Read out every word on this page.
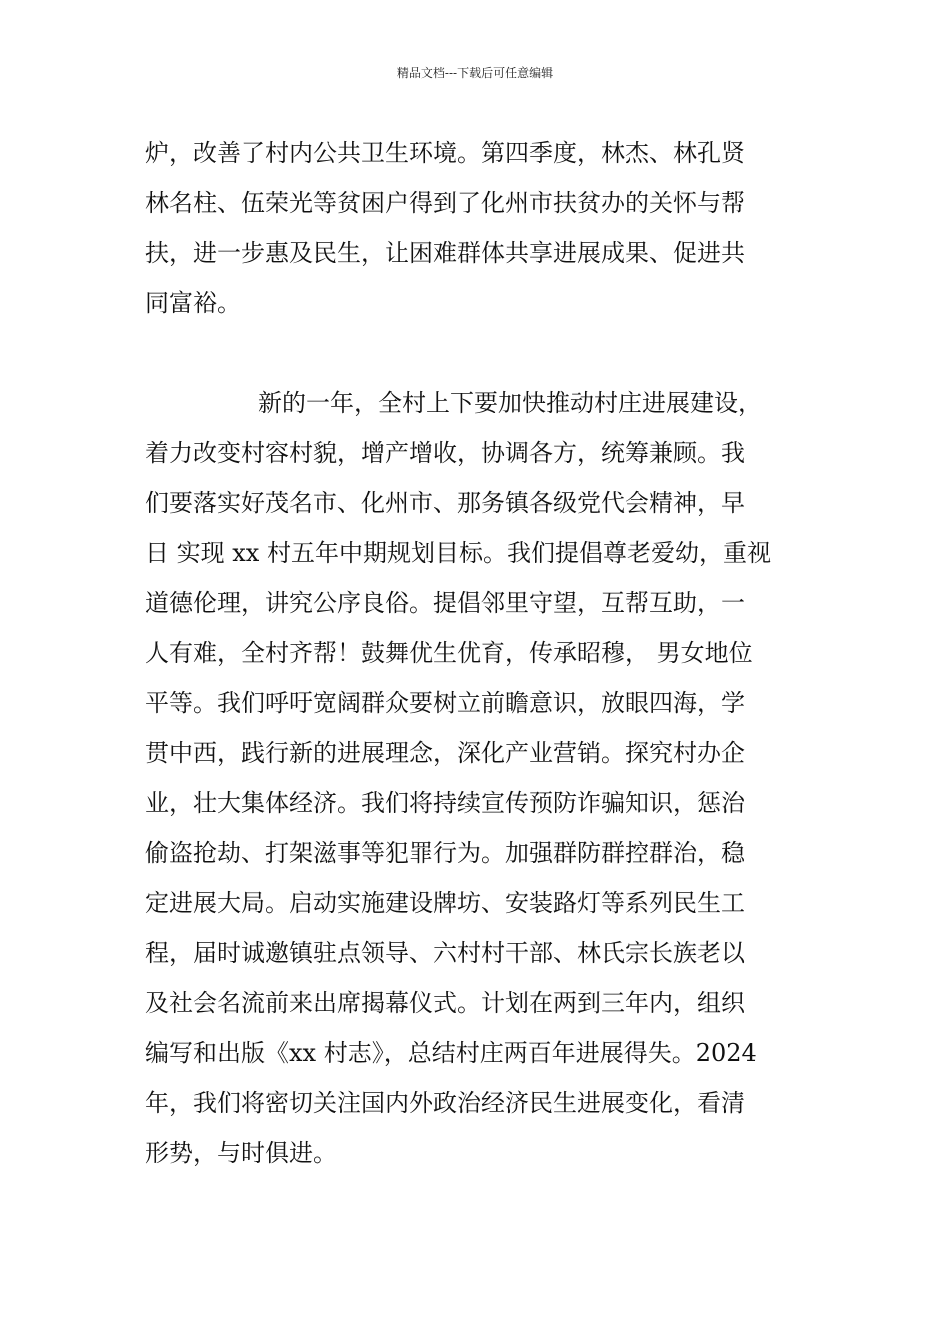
精品文档---下载后可任意编辑
炉，改善了村内公共卫生环境。第四季度，林杰、林孔贤
林名柱、伍荣光等贫困户得到了化州市扶贫办的关怀与帮
扶，进一步惠及民生，让困难群体共享进展成果、促进共
同富裕。
新的一年，全村上下要加快推动村庄进展建设，
着力改变村容村貌，增产增收，协调各方，统筹兼顾。我
们要落实好茂名市、化州市、那务镇各级党代会精神，早
日 实现 xx 村五年中期规划目标。我们提倡尊老爱幼，重视
道德伦理，讲究公序良俗。提倡邻里守望，互帮互助，一
人有难，全村齐帮！鼓舞优生优育，传承昭穆， 男女地位
平等。我们呼吁宽阔群众要树立前瞻意识，放眼四海，学
贯中西，践行新的进展理念，深化产业营销。探究村办企
业，壮大集体经济。我们将持续宣传预防诈骗知识，惩治
偷盗抢劫、打架滋事等犯罪行为。加强群防群控群治，稳
定进展大局。启动实施建设牌坊、安装路灯等系列民生工
程，届时诚邀镇驻点领导、六村村干部、林氏宗长族老以
及社会名流前来出席揭幕仪式。计划在两到三年内，组织
编写和出版《xx 村志》，总结村庄两百年进展得失。2024
年，我们将密切关注国内外政治经济民生进展变化，看清
形势，与时俱进。
